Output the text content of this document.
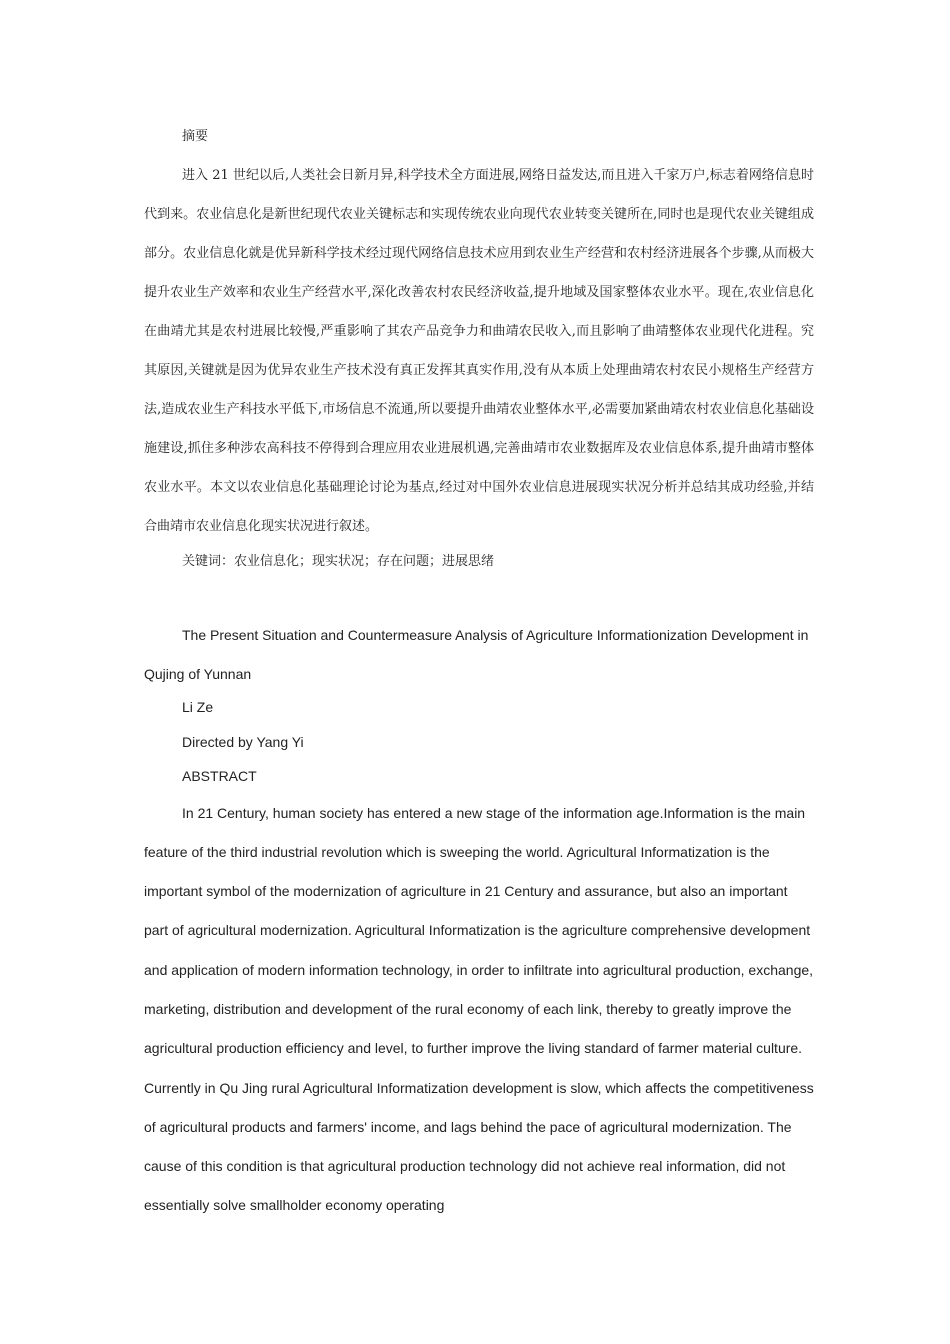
摘要
进入 21 世纪以后,人类社会日新月异,科学技术全方面进展,网络日益发达,而且进入千家万户,标志着网络信息时代到来。农业信息化是新世纪现代农业关键标志和实现传统农业向现代农业转变关键所在,同时也是现代农业关键组成部分。农业信息化就是优异新科学技术经过现代网络信息技术应用到农业生产经营和农村经济进展各个步骤,从而极大提升农业生产效率和农业生产经营水平,深化改善农村农民经济收益,提升地域及国家整体农业水平。现在,农业信息化在曲靖尤其是农村进展比较慢,严重影响了其农产品竞争力和曲靖农民收入,而且影响了曲靖整体农业现代化进程。究其原因,关键就是因为优异农业生产技术没有真正发挥其真实作用,没有从本质上处理曲靖农村农民小规格生产经营方法,造成农业生产科技水平低下,市场信息不流通,所以要提升曲靖农业整体水平,必需要加紧曲靖农村农业信息化基础设施建设,抓住多种涉农高科技不停得到合理应用农业进展机遇,完善曲靖市农业数据库及农业信息体系,提升曲靖市整体农业水平。本文以农业信息化基础理论讨论为基点,经过对中国外农业信息进展现实状况分析并总结其成功经验,并结合曲靖市农业信息化现实状况进行叙述。
关键词：农业信息化；现实状况；存在问题；进展思绪
The Present Situation and Countermeasure Analysis of Agriculture Informationization Development in Qujing of Yunnan
Li Ze
Directed by Yang Yi
ABSTRACT
In 21 Century, human society has entered a new stage of the information age.Information is the main feature of the third industrial revolution which is sweeping the world. Agricultural Informatization is the important symbol of the modernization of agriculture in 21 Century and assurance, but also an important part of agricultural modernization. Agricultural Informatization is the agriculture comprehensive development and application of modern information technology, in order to infiltrate into agricultural production, exchange, marketing, distribution and development of the rural economy of each link, thereby to greatly improve the agricultural production efficiency and level, to further improve the living standard of farmer material culture. Currently in Qu Jing rural Agricultural Informatization development is slow, which affects the competitiveness of agricultural products and farmers' income, and lags behind the pace of agricultural modernization. The cause of this condition is that agricultural production technology did not achieve real information, did not essentially solve smallholder economy operating
